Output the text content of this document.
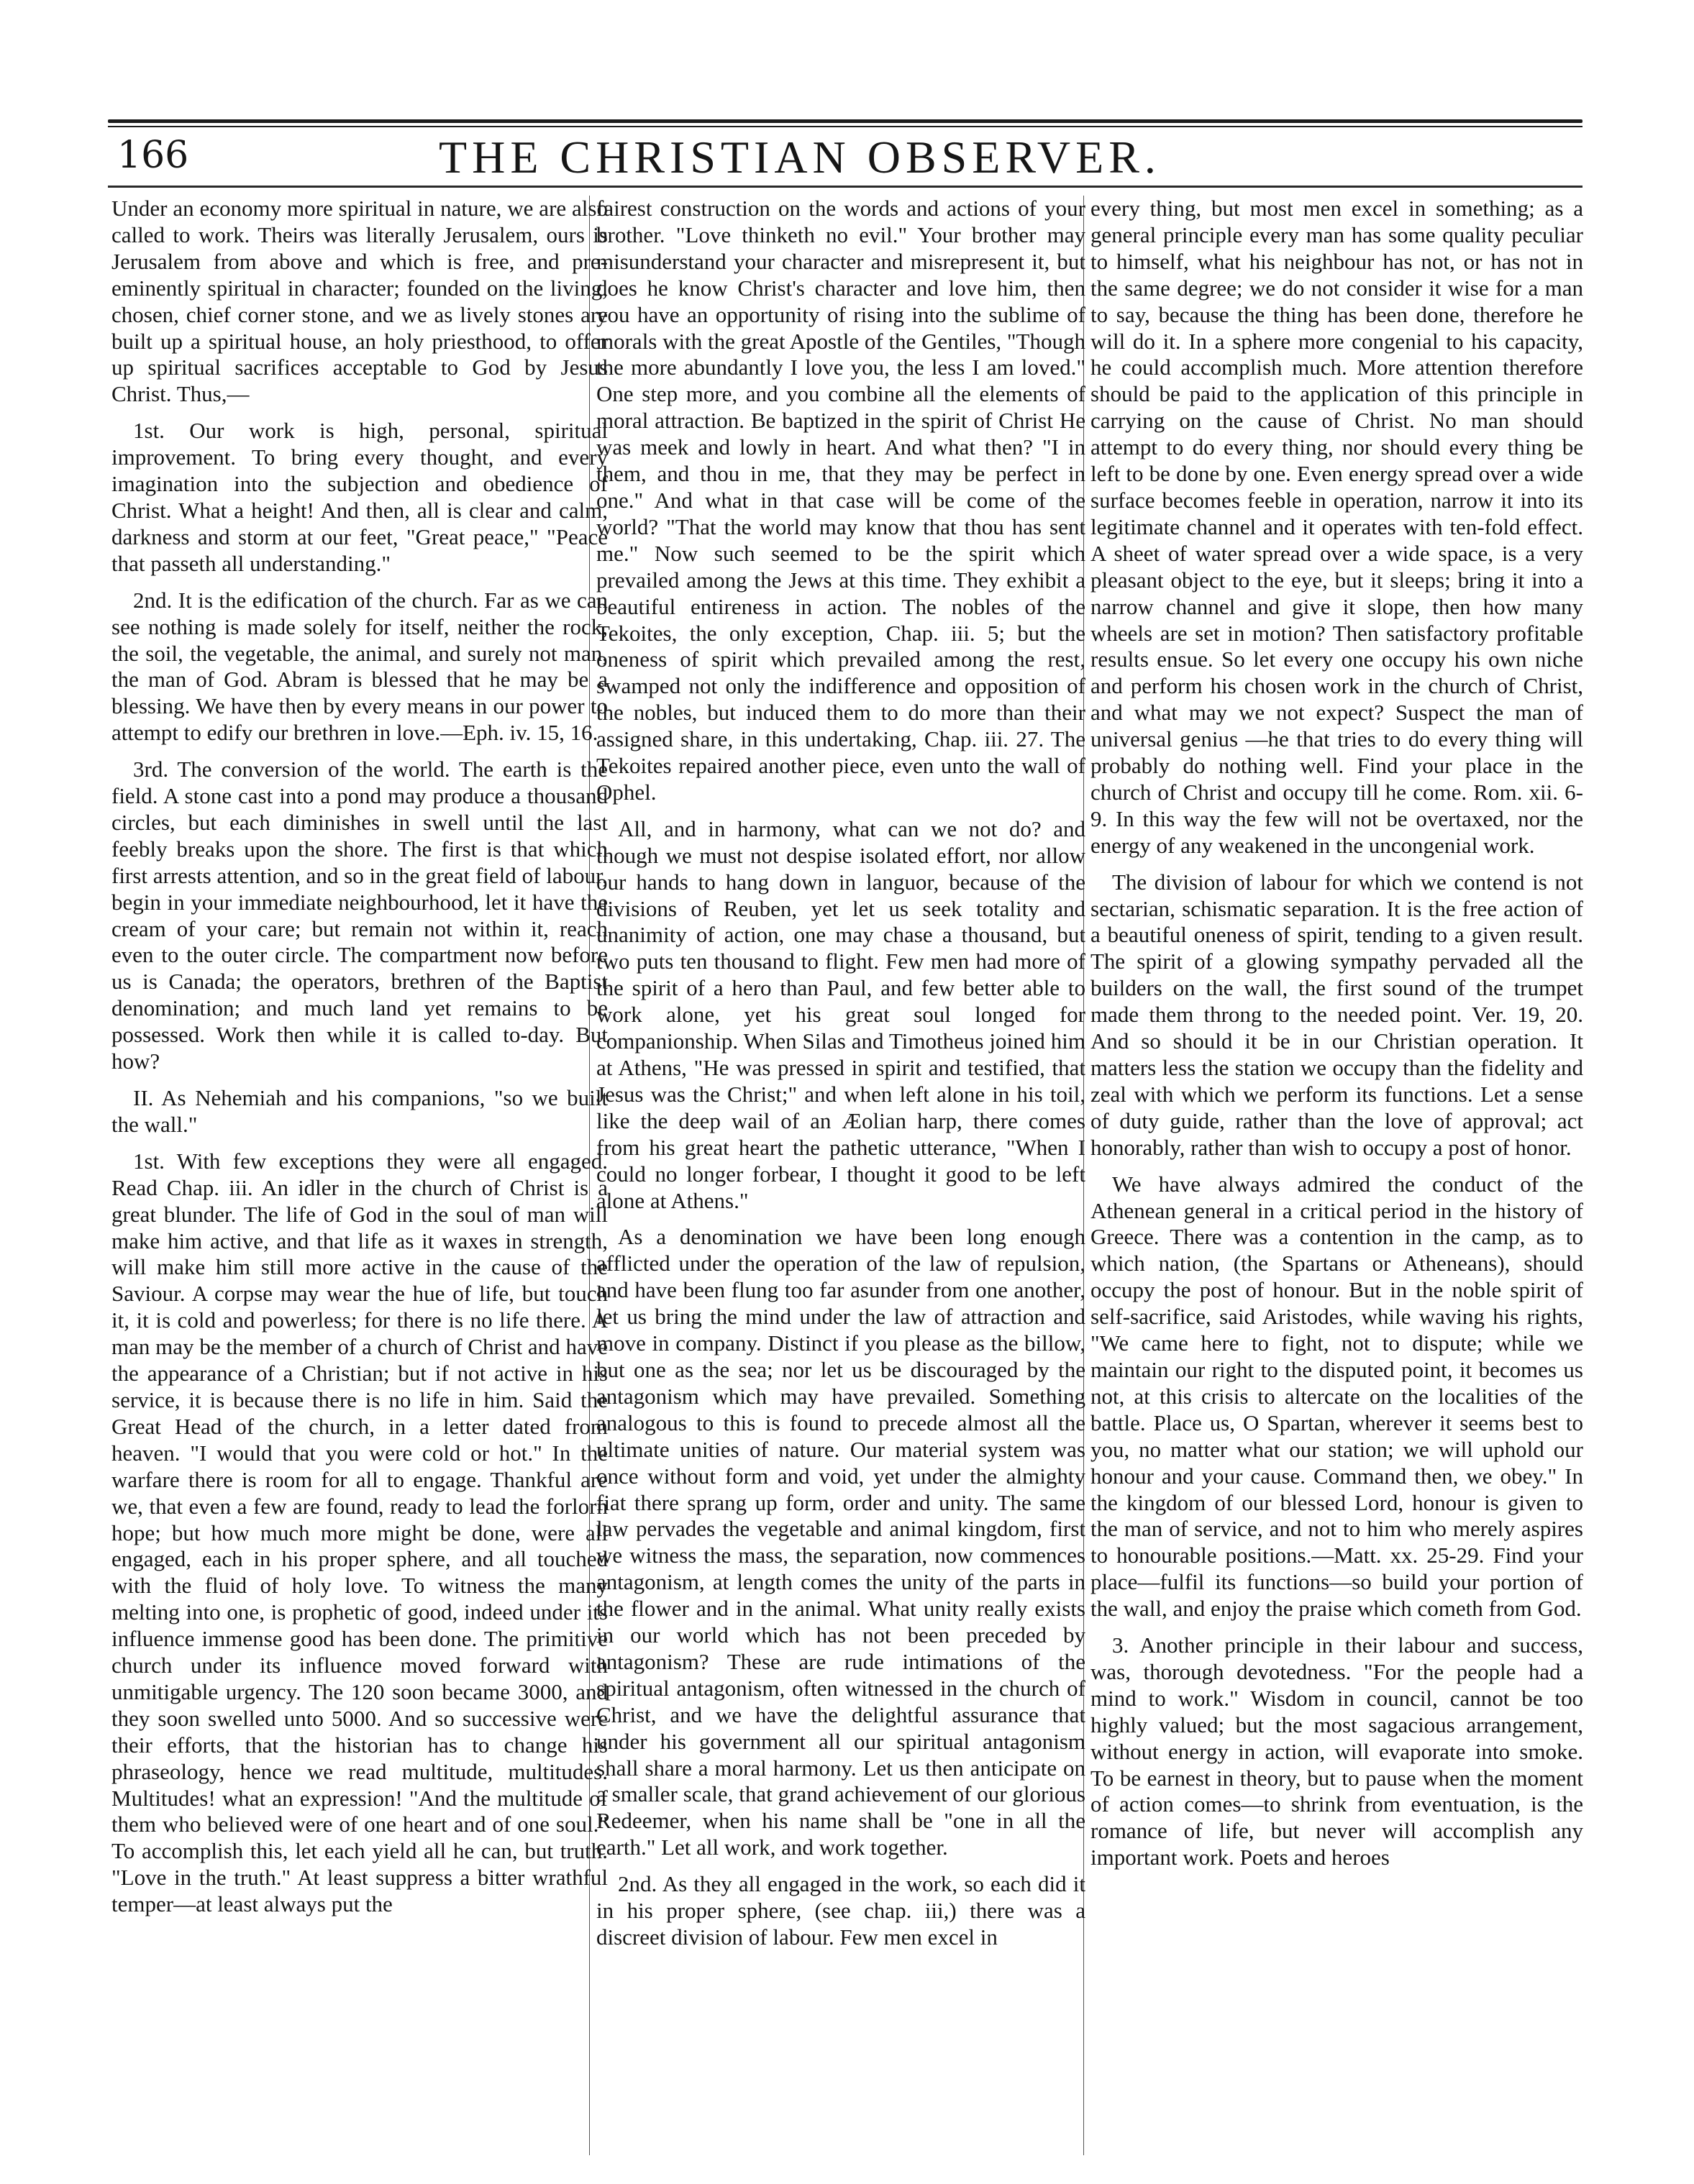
166	THE CHRISTIAN OBSERVER.

Under an economy more spiritual in nature, we are also called to work. Theirs was literally Jerusalem, ours is Jerusalem from above and which is free, and pre-eminently spiritual in character; founded on the living, chosen, chief corner stone, and we as lively stones are built up a spiritual house, an holy priesthood, to offer up spiritual sacrifices acceptable to God by Jesus Christ. Thus,—

1st. Our work is high, personal, spiritual improvement. To bring every thought, and every imagination into the subjection and obedience of Christ. What a height! And then, all is clear and calm, darkness and storm at our feet, "Great peace," "Peace that passeth all understanding."

2nd. It is the edification of the church. Far as we can see nothing is made solely for itself, neither the rock, the soil, the vegetable, the animal, and surely not man, the man of God. Abram is blessed that he may be a blessing. We have then by every means in our power to attempt to edify our brethren in love.—Eph. iv. 15, 16.

3rd. The conversion of the world. The earth is the field. A stone cast into a pond may produce a thousand circles, but each diminishes in swell until the last feebly breaks upon the shore. The first is that which first arrests attention, and so in the great field of labour, begin in your immediate neighbourhood, let it have the cream of your care; but remain not within it, reach even to the outer circle. The compartment now before us is Canada; the operators, brethren of the Baptist denomination; and much land yet remains to be possessed. Work then while it is called to-day. But how?

II. As Nehemiah and his companions, "so we built the wall."

1st. With few exceptions they were all engaged. Read Chap. iii. An idler in the church of Christ is a great blunder. The life of God in the soul of man will make him active, and that life as it waxes in strength, will make him still more active in the cause of the Saviour. A corpse may wear the hue of life, but touch it, it is cold and powerless; for there is no life there. A man may be the member of a church of Christ and have the appearance of a Christian; but if not active in his service, it is because there is no life in him. Said the Great Head of the church, in a letter dated from heaven. "I would that you were cold or hot." In the warfare there is room for all to engage. Thankful are we, that even a few are found, ready to lead the forlorn hope; but how much more might be done, were all engaged, each in his proper sphere, and all touched with the fluid of holy love. To witness the many melting into one, is prophetic of good, indeed under its influence immense good has been done. The primitive church under its influence moved forward with unmitigable urgency. The 120 soon became 3000, and they soon swelled unto 5000. And so successive were their efforts, that the historian has to change his phraseology, hence we read multitude, multitudes. Multitudes! what an expression! "And the multitude of them who believed were of one heart and of one soul." To accomplish this, let each yield all he can, but truth. "Love in the truth." At least suppress a bitter wrathful temper—at least always put the

fairest construction on the words and actions of your brother. "Love thinketh no evil." Your brother may misunderstand your character and misrepresent it, but does he know Christ's character and love him, then you have an opportunity of rising into the sublime of morals with the great Apostle of the Gentiles, "Though the more abundantly I love you, the less I am loved." One step more, and you combine all the elements of moral attraction. Be baptized in the spirit of Christ He was meek and lowly in heart. And what then? "I in them, and thou in me, that they may be perfect in one." And what in that case will be come of the world? "That the world may know that thou has sent me." Now such seemed to be the spirit which prevailed among the Jews at this time. They exhibit a beautiful entireness in action. The nobles of the Tekoites, the only exception, Chap. iii. 5; but the oneness of spirit which prevailed among the rest, swamped not only the indifference and opposition of the nobles, but induced them to do more than their assigned share, in this undertaking, Chap. iii. 27. The Tekoites repaired another piece, even unto the wall of Ophel.

All, and in harmony, what can we not do? and though we must not despise isolated effort, nor allow our hands to hang down in languor, because of the divisions of Reuben, yet let us seek totality and unanimity of action, one may chase a thousand, but two puts ten thousand to flight. Few men had more of the spirit of a hero than Paul, and few better able to work alone, yet his great soul longed for companionship. When Silas and Timotheus joined him at Athens, "He was pressed in spirit and testified, that Jesus was the Christ;" and when left alone in his toil, like the deep wail of an Æolian harp, there comes from his great heart the pathetic utterance, "When I could no longer forbear, I thought it good to be left alone at Athens."

As a denomination we have been long enough afflicted under the operation of the law of repulsion, and have been flung too far asunder from one another, let us bring the mind under the law of attraction and move in company. Distinct if you please as the billow, but one as the sea; nor let us be discouraged by the antagonism which may have prevailed. Something analogous to this is found to precede almost all the ultimate unities of nature. Our material system was once without form and void, yet under the almighty fiat there sprang up form, order and unity. The same law pervades the vegetable and animal kingdom, first we witness the mass, the separation, now commences antagonism, at length comes the unity of the parts in the flower and in the animal. What unity really exists in our world which has not been preceded by antagonism? These are rude intimations of the spiritual antagonism, often witnessed in the church of Christ, and we have the delightful assurance that under his government all our spiritual antagonism shall share a moral harmony. Let us then anticipate on a smaller scale, that grand achievement of our glorious Redeemer, when his name shall be "one in all the earth." Let all work, and work together.

2nd. As they all engaged in the work, so each did it in his proper sphere, (see chap. iii,) there was a discreet division of labour. Few men excel in

every thing, but most men excel in something; as a general principle every man has some quality peculiar to himself, what his neighbour has not, or has not in the same degree; we do not consider it wise for a man to say, because the thing has been done, therefore he will do it. In a sphere more congenial to his capacity, he could accomplish much. More attention therefore should be paid to the application of this principle in carrying on the cause of Christ. No man should attempt to do every thing, nor should every thing be left to be done by one. Even energy spread over a wide surface becomes feeble in operation, narrow it into its legitimate channel and it operates with ten-fold effect. A sheet of water spread over a wide space, is a very pleasant object to the eye, but it sleeps; bring it into a narrow channel and give it slope, then how many wheels are set in motion? Then satisfactory profitable results ensue. So let every one occupy his own niche and perform his chosen work in the church of Christ, and what may we not expect? Suspect the man of universal genius —he that tries to do every thing will probably do nothing well. Find your place in the church of Christ and occupy till he come. Rom. xii. 6-9. In this way the few will not be overtaxed, nor the energy of any weakened in the uncongenial work.

The division of labour for which we contend is not sectarian, schismatic separation. It is the free action of a beautiful oneness of spirit, tending to a given result. The spirit of a glowing sympathy pervaded all the builders on the wall, the first sound of the trumpet made them throng to the needed point. Ver. 19, 20. And so should it be in our Christian operation. It matters less the station we occupy than the fidelity and zeal with which we perform its functions. Let a sense of duty guide, rather than the love of approval; act honorably, rather than wish to occupy a post of honor.

We have always admired the conduct of the Athenean general in a critical period in the history of Greece. There was a contention in the camp, as to which nation, (the Spartans or Atheneans), should occupy the post of honour. But in the noble spirit of self-sacrifice, said Aristodes, while waving his rights, "We came here to fight, not to dispute; while we maintain our right to the disputed point, it becomes us not, at this crisis to altercate on the localities of the battle. Place us, O Spartan, wherever it seems best to you, no matter what our station; we will uphold our honour and your cause. Command then, we obey." In the kingdom of our blessed Lord, honour is given to the man of service, and not to him who merely aspires to honourable positions.—Matt. xx. 25-29. Find your place—fulfil its functions—so build your portion of the wall, and enjoy the praise which cometh from God.

3. Another principle in their labour and success, was, thorough devotedness. "For the people had a mind to work." Wisdom in council, cannot be too highly valued; but the most sagacious arrangement, without energy in action, will evaporate into smoke. To be earnest in theory, but to pause when the moment of action comes—to shrink from eventuation, is the romance of life, but never will accomplish any important work. Poets and heroes
